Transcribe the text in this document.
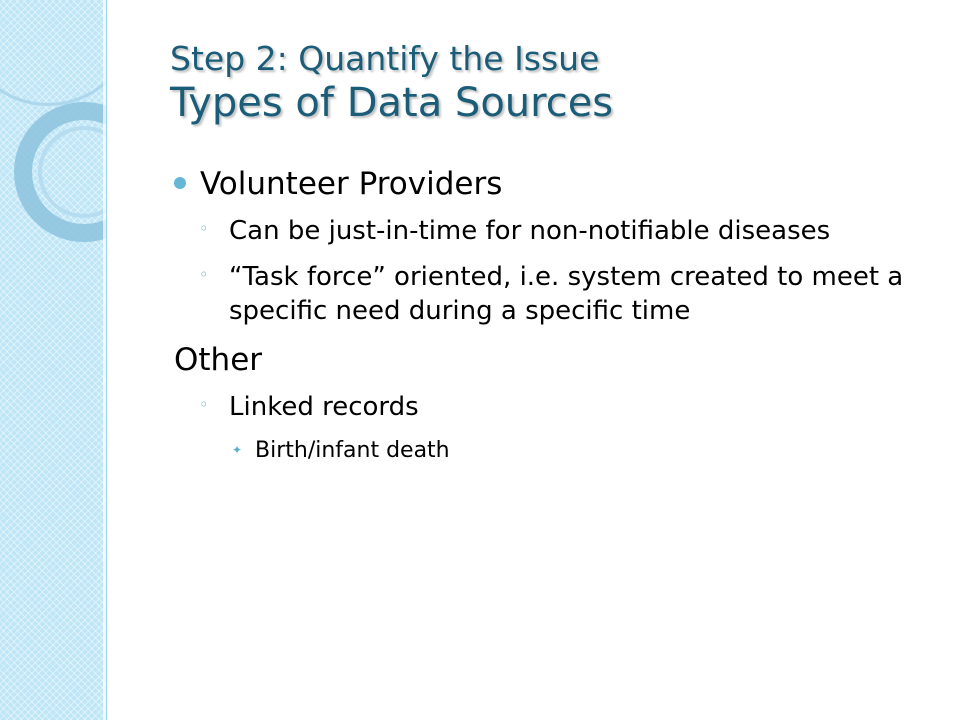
Step 2: Quantify the Issue
Types of Data Sources
Volunteer Providers
◦ Can be just-in-time for non-notifiable diseases
◦ “Task force” oriented, i.e. system created to meet a specific need during a specific time
Other
◦ Linked records
✦ Birth/infant death
